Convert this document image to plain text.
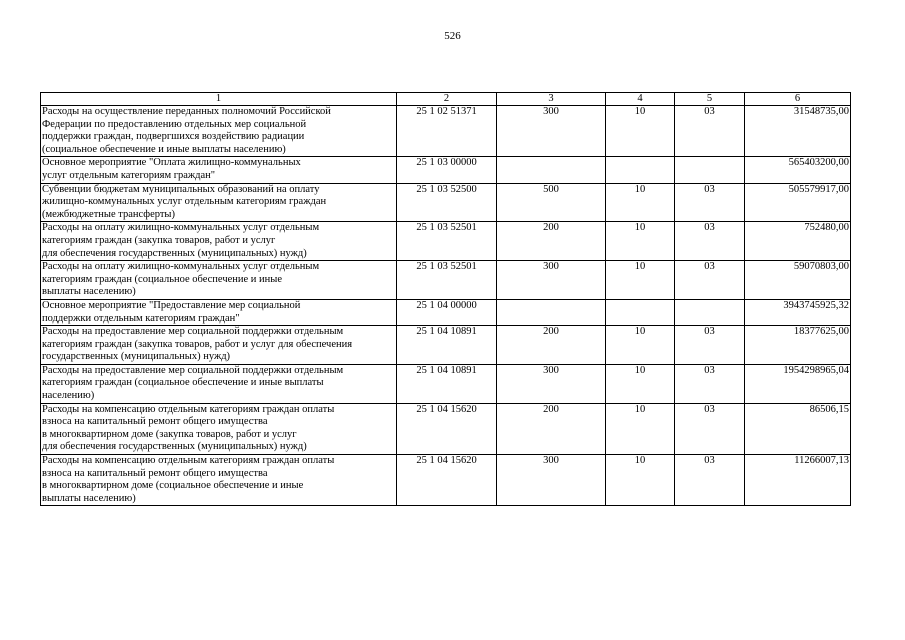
526
1	2	3	4	5	6
Расходы на осуществление переданных полномочий Российской
Федерации по предоставлению отдельных мер социальной
поддержки граждан, подвергшихся воздействию радиации
(социальное обеспечение и иные выплаты населению)	25 1 02 51371	300	10	03	31548735,00
Основное мероприятие "Оплата жилищно-коммунальных
услуг отдельным категориям граждан"	25 1 03 00000				565403200,00
Субвенции бюджетам муниципальных образований на оплату
жилищно-коммунальных услуг отдельным категориям граждан
(межбюджетные трансферты)	25 1 03 52500	500	10	03	505579917,00
Расходы на оплату жилищно-коммунальных услуг отдельным
категориям граждан (закупка товаров, работ и услуг
для обеспечения государственных (муниципальных) нужд)	25 1 03 52501	200	10	03	752480,00
Расходы на оплату жилищно-коммунальных услуг отдельным
категориям граждан (социальное обеспечение и иные
выплаты населению)	25 1 03 52501	300	10	03	59070803,00
Основное мероприятие "Предоставление мер социальной
поддержки отдельным категориям граждан"	25 1 04 00000				3943745925,32
Расходы на предоставление мер социальной поддержки отдельным
категориям граждан (закупка товаров, работ и услуг для обеспечения
государственных (муниципальных) нужд)	25 1 04 10891	200	10	03	18377625,00
Расходы на предоставление мер социальной поддержки отдельным
категориям граждан (социальное обеспечение и иные выплаты
населению)	25 1 04 10891	300	10	03	1954298965,04
Расходы на компенсацию отдельным категориям граждан оплаты
взноса на капитальный ремонт общего имущества
в многоквартирном доме (закупка товаров, работ и услуг
для обеспечения государственных (муниципальных) нужд)	25 1 04 15620	200	10	03	86506,15
Расходы на компенсацию отдельным категориям граждан оплаты
взноса на капитальный ремонт общего имущества
в многоквартирном доме (социальное обеспечение и иные
выплаты населению)	25 1 04 15620	300	10	03	11266007,13
